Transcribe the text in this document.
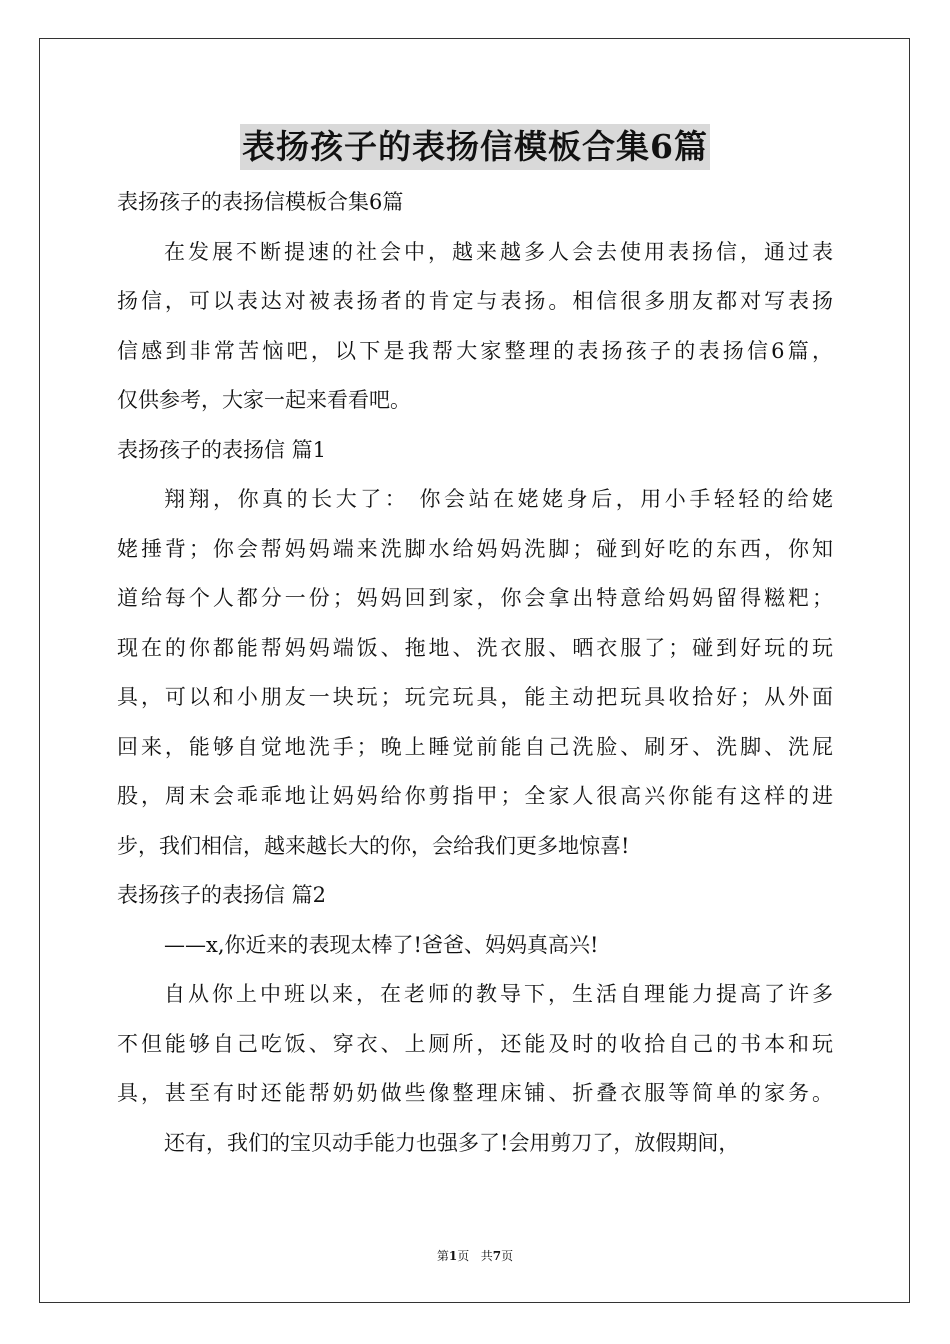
表扬孩子的表扬信模板合集6篇

表扬孩子的表扬信模板合集6篇

在发展不断提速的社会中，越来越多人会去使用表扬信，通过表

扬信，可以表达对被表扬者的肯定与表扬。相信很多朋友都对写表扬

信感到非常苦恼吧，以下是我帮大家整理的表扬孩子的表扬信6篇，

仅供参考，大家一起来看看吧。

表扬孩子的表扬信 篇1

翔翔，你真的长大了： 你会站在姥姥身后，用小手轻轻的给姥

姥捶背；你会帮妈妈端来洗脚水给妈妈洗脚；碰到好吃的东西，你知

道给每个人都分一份；妈妈回到家，你会拿出特意给妈妈留得糍粑；

现在的你都能帮妈妈端饭、拖地、洗衣服、晒衣服了；碰到好玩的玩

具，可以和小朋友一块玩；玩完玩具，能主动把玩具收拾好；从外面

回来，能够自觉地洗手；晚上睡觉前能自己洗脸、刷牙、洗脚、洗屁

股，周末会乖乖地让妈妈给你剪指甲；全家人很高兴你能有这样的进

步，我们相信，越来越长大的你，会给我们更多地惊喜!

表扬孩子的表扬信 篇2

——x,你近来的表现太棒了!爸爸、妈妈真高兴!

自从你上中班以来，在老师的教导下，生活自理能力提高了许多

不但能够自己吃饭、穿衣、上厕所，还能及时的收拾自己的书本和玩

具，甚至有时还能帮奶奶做些像整理床铺、折叠衣服等简单的家务。

还有，我们的宝贝动手能力也强多了!会用剪刀了，放假期间，

第1页 共7页
